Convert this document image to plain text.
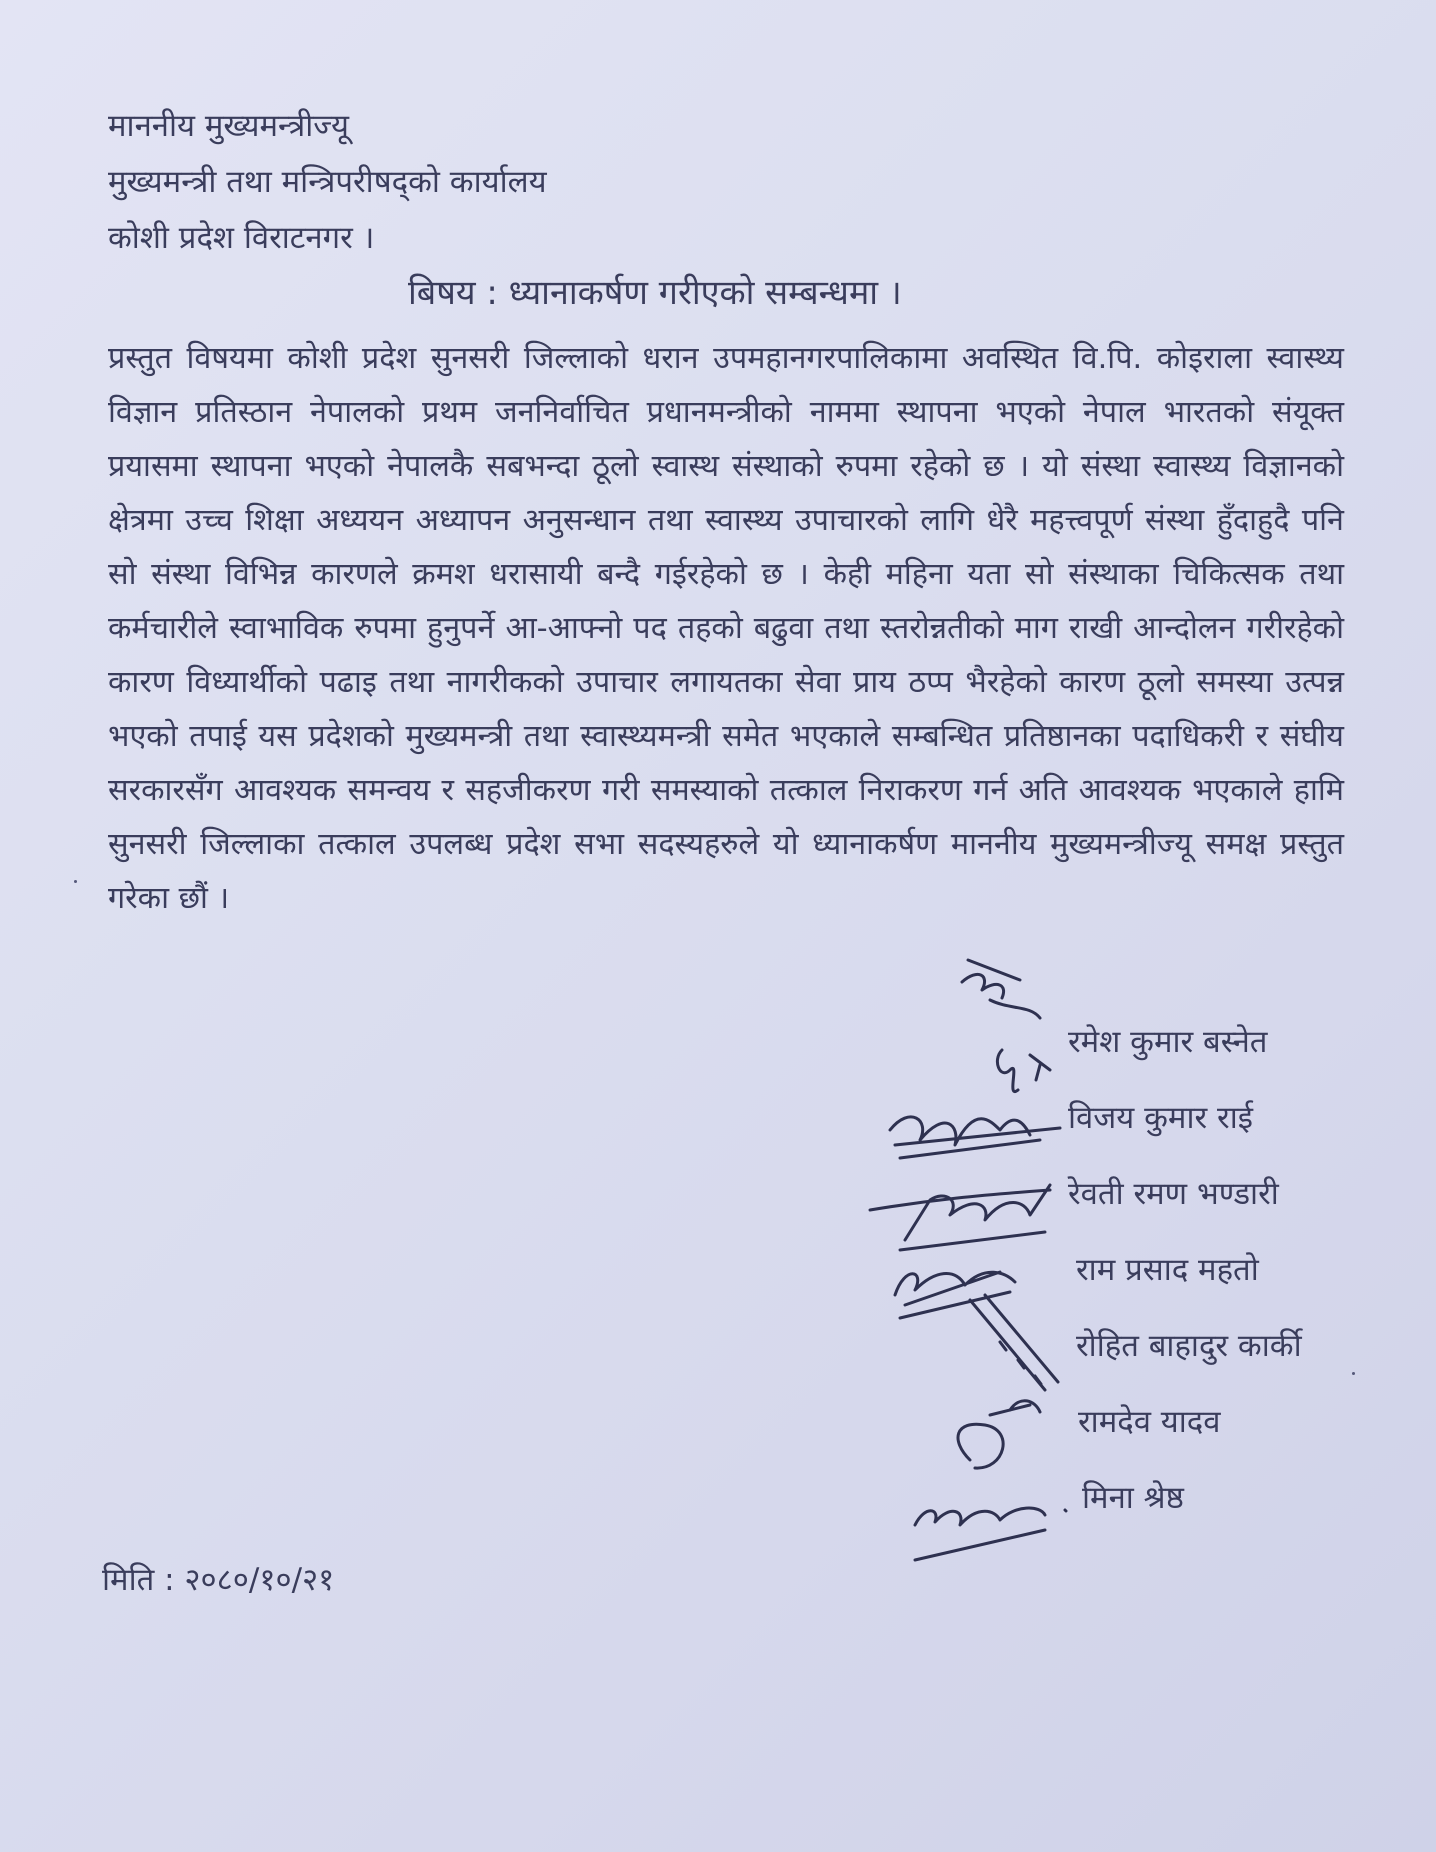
माननीय मुख्यमन्त्रीज्यू
मुख्यमन्त्री तथा मन्त्रिपरीषद्को कार्यालय
कोशी प्रदेश विराटनगर ।
बिषय : ध्यानाकर्षण गरीएको सम्बन्धमा ।
प्रस्तुत विषयमा कोशी प्रदेश सुनसरी जिल्लाको धरान उपमहानगरपालिकामा अवस्थित वि.पि. कोइराला स्वास्थ्य विज्ञान प्रतिस्ठान नेपालको प्रथम जननिर्वाचित प्रधानमन्त्रीको नाममा स्थापना भएको नेपाल भारतको संयूक्त प्रयासमा स्थापना भएको नेपालकै सबभन्दा ठूलो स्वास्थ संस्थाको रुपमा रहेको छ । यो संस्था स्वास्थ्य विज्ञानको क्षेत्रमा उच्च शिक्षा अध्ययन अध्यापन अनुसन्धान तथा स्वास्थ्य उपाचारको लागि धेरै महत्त्वपूर्ण संस्था हुँदाहुदै पनि सो संस्था विभिन्न कारणले क्रमश धरासायी बन्दै गईरहेको छ । केही महिना यता सो संस्थाका चिकित्सक तथा कर्मचारीले स्वाभाविक रुपमा हुनुपर्ने आ-आफ्नो पद तहको बढुवा तथा स्तरोन्नतीको माग राखी आन्दोलन गरीरहेको कारण विध्यार्थीको पढाइ तथा नागरीकको उपाचार लगायतका सेवा प्राय ठप्प भैरहेको कारण ठूलो समस्या उत्पन्न भएको तपाई यस प्रदेशको मुख्यमन्त्री तथा स्वास्थ्यमन्त्री समेत भएकाले सम्बन्धित प्रतिष्ठानका पदाधिकरी र संघीय सरकारसँग आवश्यक समन्वय र सहजीकरण गरी समस्याको तत्काल निराकरण गर्न अति आवश्यक भएकाले हामि सुनसरी जिल्लाका तत्काल उपलब्ध प्रदेश सभा सदस्यहरुले यो ध्यानाकर्षण माननीय मुख्यमन्त्रीज्यू समक्ष प्रस्तुत गरेका छौं ।
रमेश कुमार बस्नेत
विजय कुमार राई
रेवती रमण भण्डारी
राम प्रसाद महतो
रोहित बाहादुर कार्की
रामदेव यादव
मिना श्रेष्ठ
मिति : २०८०/१०/२१
